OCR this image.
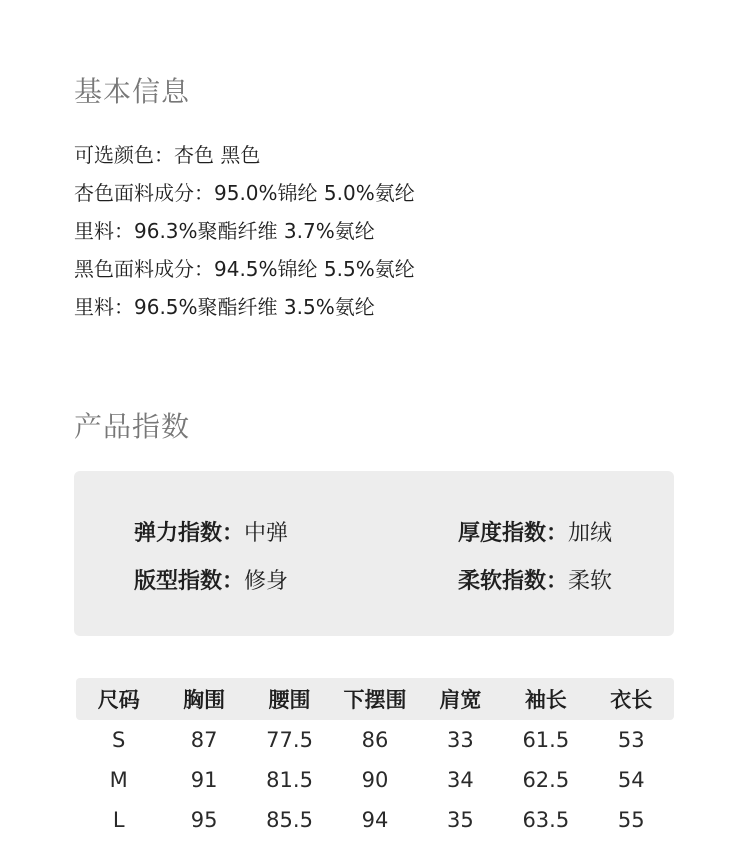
基本信息
可选颜色：杏色 黑色
杏色面料成分：95.0%锦纶 5.0%氨纶
里料：96.3%聚酯纤维 3.7%氨纶
黑色面料成分：94.5%锦纶 5.5%氨纶
里料：96.5%聚酯纤维 3.5%氨纶
产品指数
弹力指数：中弹	厚度指数：加绒
版型指数：修身	柔软指数：柔软
尺码	胸围	腰围	下摆围	肩宽	袖长	衣长
S	87	77.5	86	33	61.5	53
M	91	81.5	90	34	62.5	54
L	95	85.5	94	35	63.5	55
